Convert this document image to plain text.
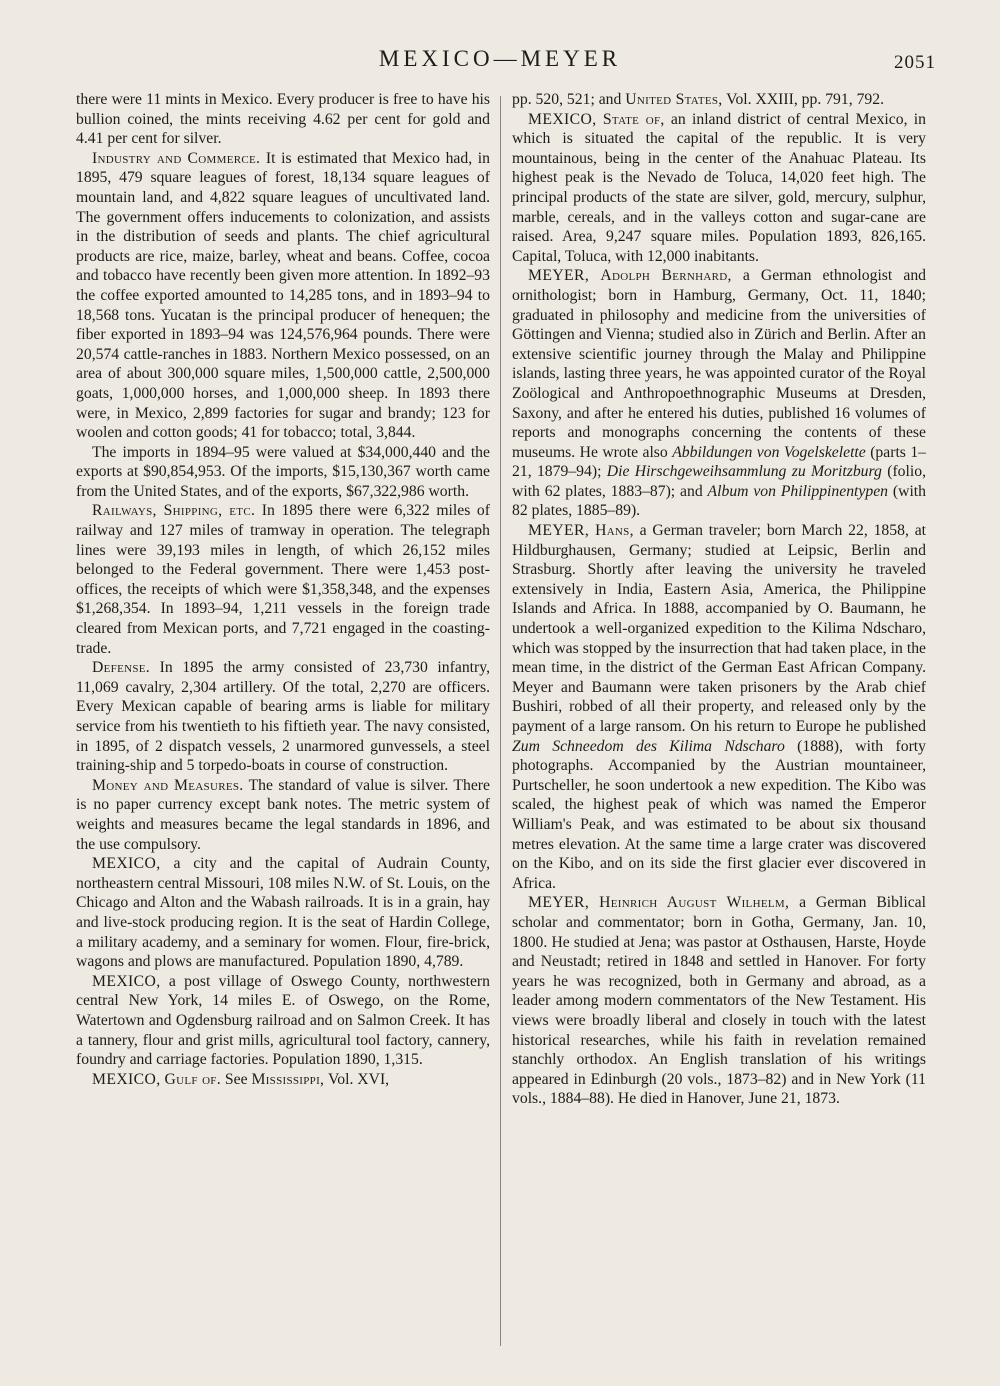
MEXICO—MEYER	2051

there were 11 mints in Mexico. Every producer is free to have his bullion coined, the mints receiving 4.62 per cent for gold and 4.41 per cent for silver.

Industry and Commerce. It is estimated that Mexico had, in 1895, 479 square leagues of forest, 18,134 square leagues of mountain land, and 4,822 square leagues of uncultivated land. The government offers inducements to colonization, and assists in the distribution of seeds and plants. The chief agricultural products are rice, maize, barley, wheat and beans. Coffee, cocoa and tobacco have recently been given more attention. In 1892–93 the coffee exported amounted to 14,285 tons, and in 1893–94 to 18,568 tons. Yucatan is the principal producer of henequen; the fiber exported in 1893–94 was 124,576,964 pounds. There were 20,574 cattle-ranches in 1883. Northern Mexico possessed, on an area of about 300,000 square miles, 1,500,000 cattle, 2,500,000 goats, 1,000,000 horses, and 1,000,000 sheep. In 1893 there were, in Mexico, 2,899 factories for sugar and brandy; 123 for woolen and cotton goods; 41 for tobacco; total, 3,844.

The imports in 1894–95 were valued at $34,000,440 and the exports at $90,854,953. Of the imports, $15,130,367 worth came from the United States, and of the exports, $67,322,986 worth.

Railways, Shipping, etc. In 1895 there were 6,322 miles of railway and 127 miles of tramway in operation. The telegraph lines were 39,193 miles in length, of which 26,152 miles belonged to the Federal government. There were 1,453 post-offices, the receipts of which were $1,358,348, and the expenses $1,268,354. In 1893–94, 1,211 vessels in the foreign trade cleared from Mexican ports, and 7,721 engaged in the coasting-trade.

Defense. In 1895 the army consisted of 23,730 infantry, 11,069 cavalry, 2,304 artillery. Of the total, 2,270 are officers. Every Mexican capable of bearing arms is liable for military service from his twentieth to his fiftieth year. The navy consisted, in 1895, of 2 dispatch vessels, 2 unarmored gunvessels, a steel training-ship and 5 torpedo-boats in course of construction.

Money and Measures. The standard of value is silver. There is no paper currency except bank notes. The metric system of weights and measures became the legal standards in 1896, and the use compulsory.

MEXICO, a city and the capital of Audrain County, northeastern central Missouri, 108 miles N.W. of St. Louis, on the Chicago and Alton and the Wabash railroads. It is in a grain, hay and live-stock producing region. It is the seat of Hardin College, a military academy, and a seminary for women. Flour, fire-brick, wagons and plows are manufactured. Population 1890, 4,789.

MEXICO, a post village of Oswego County, northwestern central New York, 14 miles E. of Oswego, on the Rome, Watertown and Ogdensburg railroad and on Salmon Creek. It has a tannery, flour and grist mills, agricultural tool factory, cannery, foundry and carriage factories. Population 1890, 1,315.

MEXICO, Gulf of. See Mississippi, Vol. XVI,

pp. 520, 521; and United States, Vol. XXIII, pp. 791, 792.

MEXICO, State of, an inland district of central Mexico, in which is situated the capital of the republic. It is very mountainous, being in the center of the Anahuac Plateau. Its highest peak is the Nevado de Toluca, 14,020 feet high. The principal products of the state are silver, gold, mercury, sulphur, marble, cereals, and in the valleys cotton and sugar-cane are raised. Area, 9,247 square miles. Population 1893, 826,165. Capital, Toluca, with 12,000 inabitants.

MEYER, Adolph Bernhard, a German ethnologist and ornithologist; born in Hamburg, Germany, Oct. 11, 1840; graduated in philosophy and medicine from the universities of Göttingen and Vienna; studied also in Zürich and Berlin. After an extensive scientific journey through the Malay and Philippine islands, lasting three years, he was appointed curator of the Royal Zoölogical and Anthropoethnographic Museums at Dresden, Saxony, and after he entered his duties, published 16 volumes of reports and monographs concerning the contents of these museums. He wrote also Abbildungen von Vogelskelette (parts 1–21, 1879–94); Die Hirschgeweihsammlung zu Moritzburg (folio, with 62 plates, 1883–87); and Album von Philippinentypen (with 82 plates, 1885–89).

MEYER, Hans, a German traveler; born March 22, 1858, at Hildburghausen, Germany; studied at Leipsic, Berlin and Strasburg. Shortly after leaving the university he traveled extensively in India, Eastern Asia, America, the Philippine Islands and Africa. In 1888, accompanied by O. Baumann, he undertook a well-organized expedition to the Kilima Ndscharo, which was stopped by the insurrection that had taken place, in the mean time, in the district of the German East African Company. Meyer and Baumann were taken prisoners by the Arab chief Bushiri, robbed of all their property, and released only by the payment of a large ransom. On his return to Europe he published Zum Schneedom des Kilima Ndscharo (1888), with forty photographs. Accompanied by the Austrian mountaineer, Purtscheller, he soon undertook a new expedition. The Kibo was scaled, the highest peak of which was named the Emperor William's Peak, and was estimated to be about six thousand metres elevation. At the same time a large crater was discovered on the Kibo, and on its side the first glacier ever discovered in Africa.

MEYER, Heinrich August Wilhelm, a German Biblical scholar and commentator; born in Gotha, Germany, Jan. 10, 1800. He studied at Jena; was pastor at Osthausen, Harste, Hoyde and Neustadt; retired in 1848 and settled in Hanover. For forty years he was recognized, both in Germany and abroad, as a leader among modern commentators of the New Testament. His views were broadly liberal and closely in touch with the latest historical researches, while his faith in revelation remained stanchly orthodox. An English translation of his writings appeared in Edinburgh (20 vols., 1873–82) and in New York (11 vols., 1884–88). He died in Hanover, June 21, 1873.
